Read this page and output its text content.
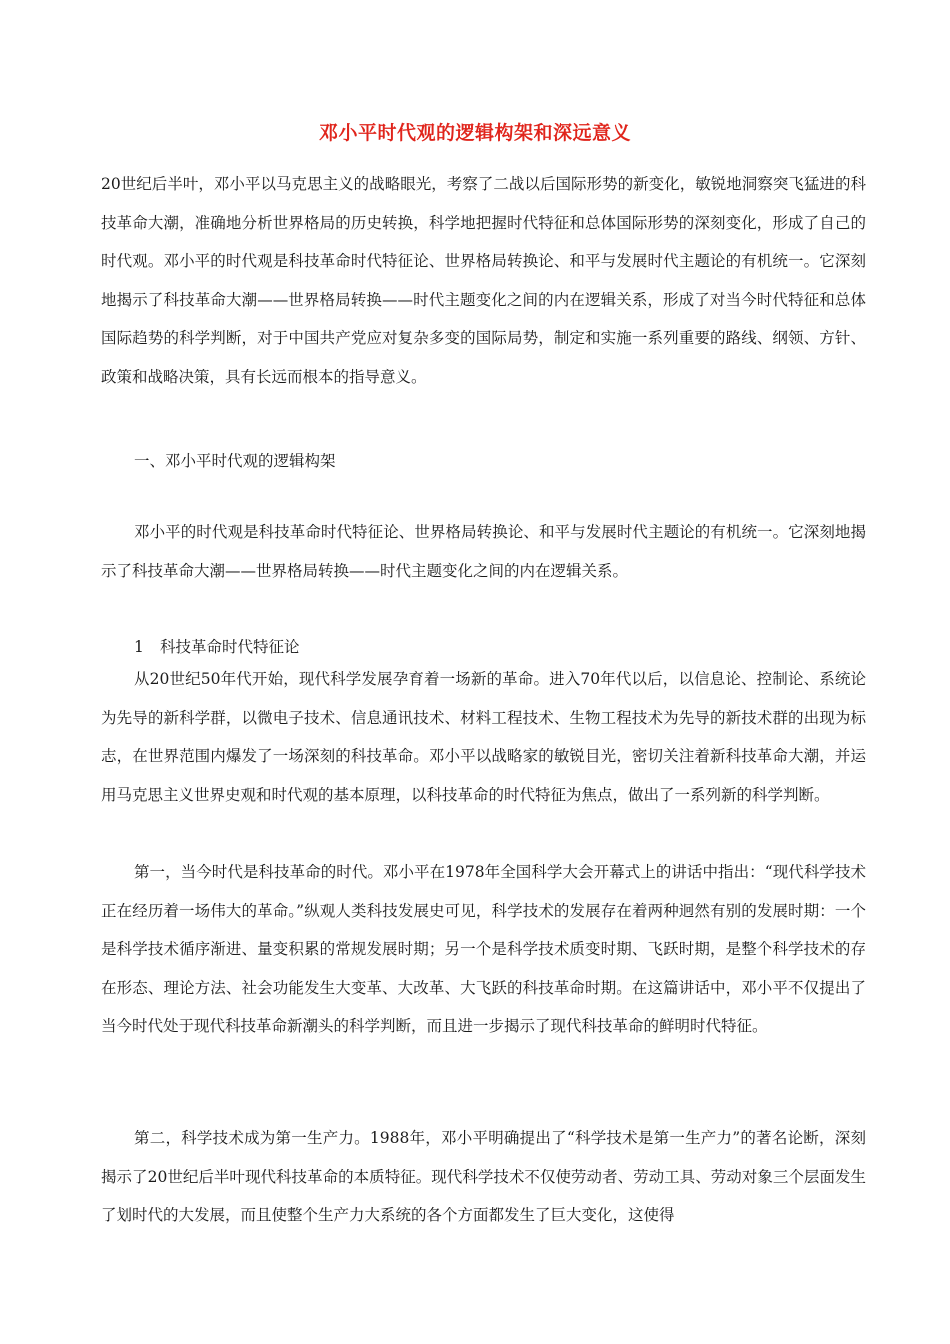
邓小平时代观的逻辑构架和深远意义

20世纪后半叶，邓小平以马克思主义的战略眼光，考察了二战以后国际形势的新变化，敏锐地洞察突飞猛进的科技革命大潮，准确地分析世界格局的历史转换，科学地把握时代特征和总体国际形势的深刻变化，形成了自己的时代观。邓小平的时代观是科技革命时代特征论、世界格局转换论、和平与发展时代主题论的有机统一。它深刻地揭示了科技革命大潮——世界格局转换——时代主题变化之间的内在逻辑关系，形成了对当今时代特征和总体国际趋势的科学判断，对于中国共产党应对复杂多变的国际局势，制定和实施一系列重要的路线、纲领、方针、政策和战略决策，具有长远而根本的指导意义。

一、邓小平时代观的逻辑构架

邓小平的时代观是科技革命时代特征论、世界格局转换论、和平与发展时代主题论的有机统一。它深刻地揭示了科技革命大潮——世界格局转换——时代主题变化之间的内在逻辑关系。

1 科技革命时代特征论

从20世纪50年代开始，现代科学发展孕育着一场新的革命。进入70年代以后，以信息论、控制论、系统论为先导的新科学群，以微电子技术、信息通讯技术、材料工程技术、生物工程技术为先导的新技术群的出现为标志，在世界范围内爆发了一场深刻的科技革命。邓小平以战略家的敏锐目光，密切关注着新科技革命大潮，并运用马克思主义世界史观和时代观的基本原理，以科技革命的时代特征为焦点，做出了一系列新的科学判断。

第一，当今时代是科技革命的时代。邓小平在1978年全国科学大会开幕式上的讲话中指出：“现代科学技术正在经历着一场伟大的革命。”纵观人类科技发展史可见，科学技术的发展存在着两种迥然有别的发展时期：一个是科学技术循序渐进、量变积累的常规发展时期；另一个是科学技术质变时期、飞跃时期，是整个科学技术的存在形态、理论方法、社会功能发生大变革、大改革、大飞跃的科技革命时期。在这篇讲话中，邓小平不仅提出了当今时代处于现代科技革命新潮头的科学判断，而且进一步揭示了现代科技革命的鲜明时代特征。

第二，科学技术成为第一生产力。1988年，邓小平明确提出了“科学技术是第一生产力”的著名论断，深刻揭示了20世纪后半叶现代科技革命的本质特征。现代科学技术不仅使劳动者、劳动工具、劳动对象三个层面发生了划时代的大发展，而且使整个生产力大系统的各个方面都发生了巨大变化，这使得
